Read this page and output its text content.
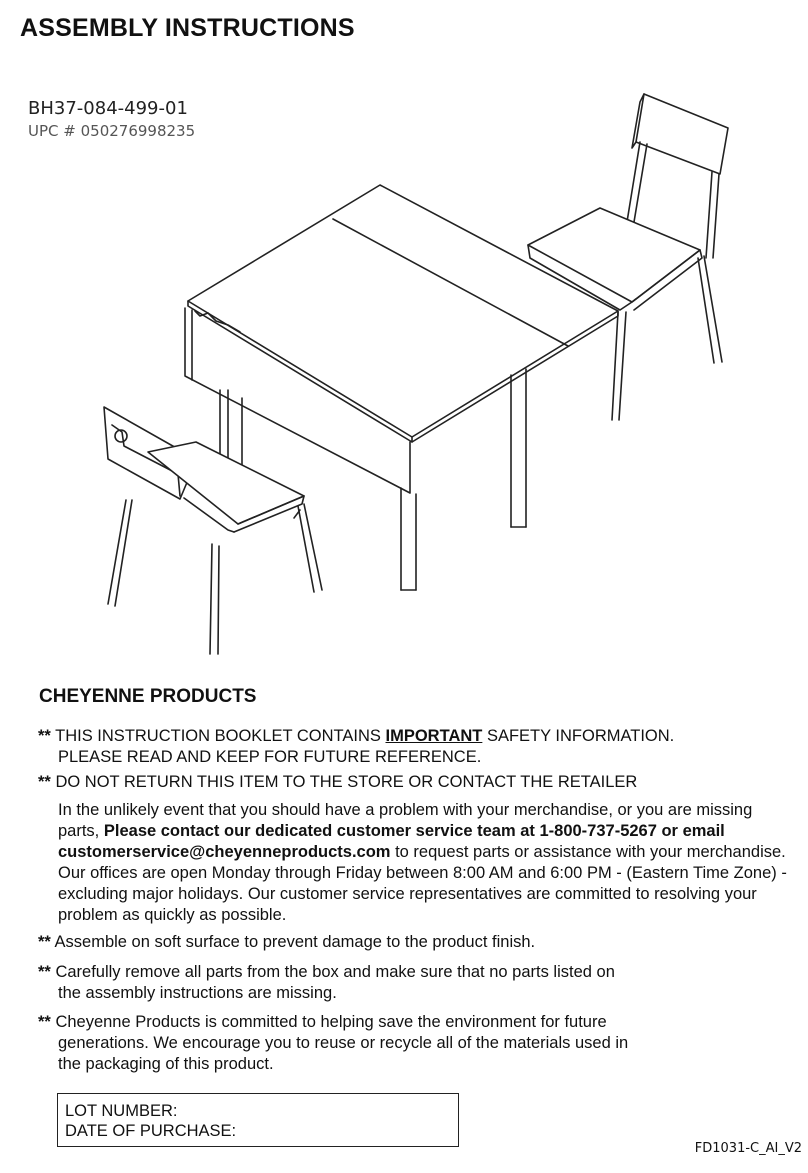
ASSEMBLY INSTRUCTIONS
BH37-084-499-01
UPC # 050276998235
CHEYENNE PRODUCTS
** THIS INSTRUCTION BOOKLET CONTAINS IMPORTANT SAFETY INFORMATION.
PLEASE READ AND KEEP FOR FUTURE REFERENCE.
** DO NOT RETURN THIS ITEM TO THE STORE OR CONTACT THE RETAILER
In the unlikely event that you should have a problem with your merchandise, or you are missing parts, Please contact our dedicated customer service team at 1-800-737-5267 or email customerservice@cheyenneproducts.com to request parts or assistance with your merchandise. Our offices are open Monday through Friday between 8:00 AM and 6:00 PM - (Eastern Time Zone) - excluding major holidays. Our customer service representatives are committed to resolving your problem as quickly as possible.
** Assemble on soft surface to prevent damage to the product finish.
** Carefully remove all parts from the box and make sure that no parts listed on
the assembly instructions are missing.
** Cheyenne Products is committed to helping save the environment for future
generations. We encourage you to reuse or recycle all of the materials used in
the packaging of this product.
LOT NUMBER:
DATE OF PURCHASE:
FD1031-C_AI_V2
